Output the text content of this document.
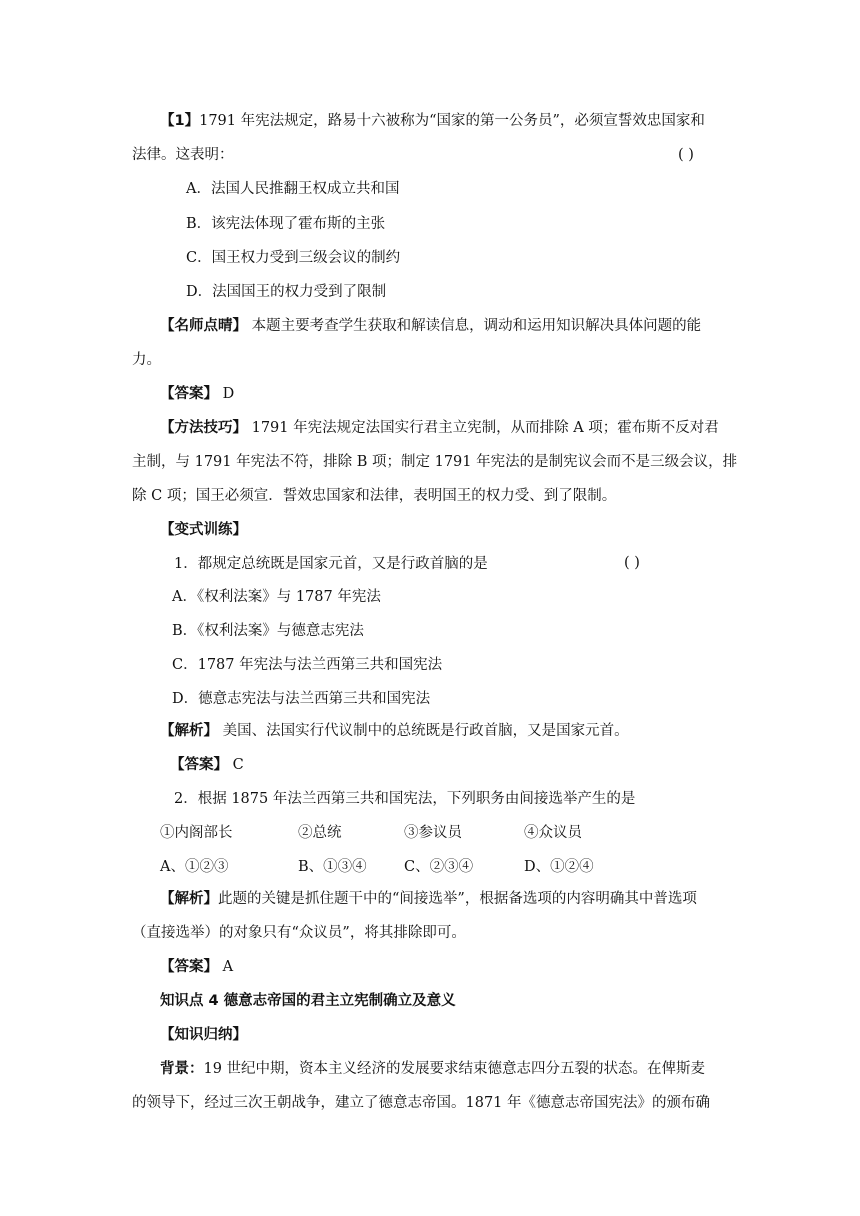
【1】1791 年宪法规定，路易十六被称为“国家的第一公务员”，必须宣誓效忠国家和
法律。这表明：	( )
A．法国人民推翻王权成立共和国
B．该宪法体现了霍布斯的主张
C．国王权力受到三级会议的制约
D．法国国王的权力受到了限制
【名师点晴】 本题主要考查学生获取和解读信息，调动和运用知识解决具体问题的能
力。
【答案】 D
【方法技巧】 1791 年宪法规定法国实行君主立宪制，从而排除 A 项；霍布斯不反对君
主制，与 1791 年宪法不符，排除 B 项；制定 1791 年宪法的是制宪议会而不是三级会议，排
除 C 项；国王必须宣．誓效忠国家和法律，表明国王的权力受、到了限制。
【变式训练】
1．都规定总统既是国家元首，又是行政首脑的是	( )
A．《权利法案》与 1787 年宪法
B．《权利法案》与德意志宪法
C．1787 年宪法与法兰西第三共和国宪法
D．德意志宪法与法兰西第三共和国宪法
【解析】 美国、法国实行代议制中的总统既是行政首脑，又是国家元首。
【答案】 C
2．根据 1875 年法兰西第三共和国宪法，下列职务由间接选举产生的是
①内阁部长	②总统	③参议员	④众议员
A、①②③	B、①③④	C、②③④	D、①②④
【解析】此题的关键是抓住题干中的“间接选举”，根据备选项的内容明确其中普选项
（直接选举）的对象只有“众议员”，将其排除即可。
【答案】 A
知识点 4 德意志帝国的君主立宪制确立及意义
【知识归纳】
背景：19 世纪中期，资本主义经济的发展要求结束德意志四分五裂的状态。在俾斯麦
的领导下，经过三次王朝战争，建立了德意志帝国。1871 年《德意志帝国宪法》的颁布确
